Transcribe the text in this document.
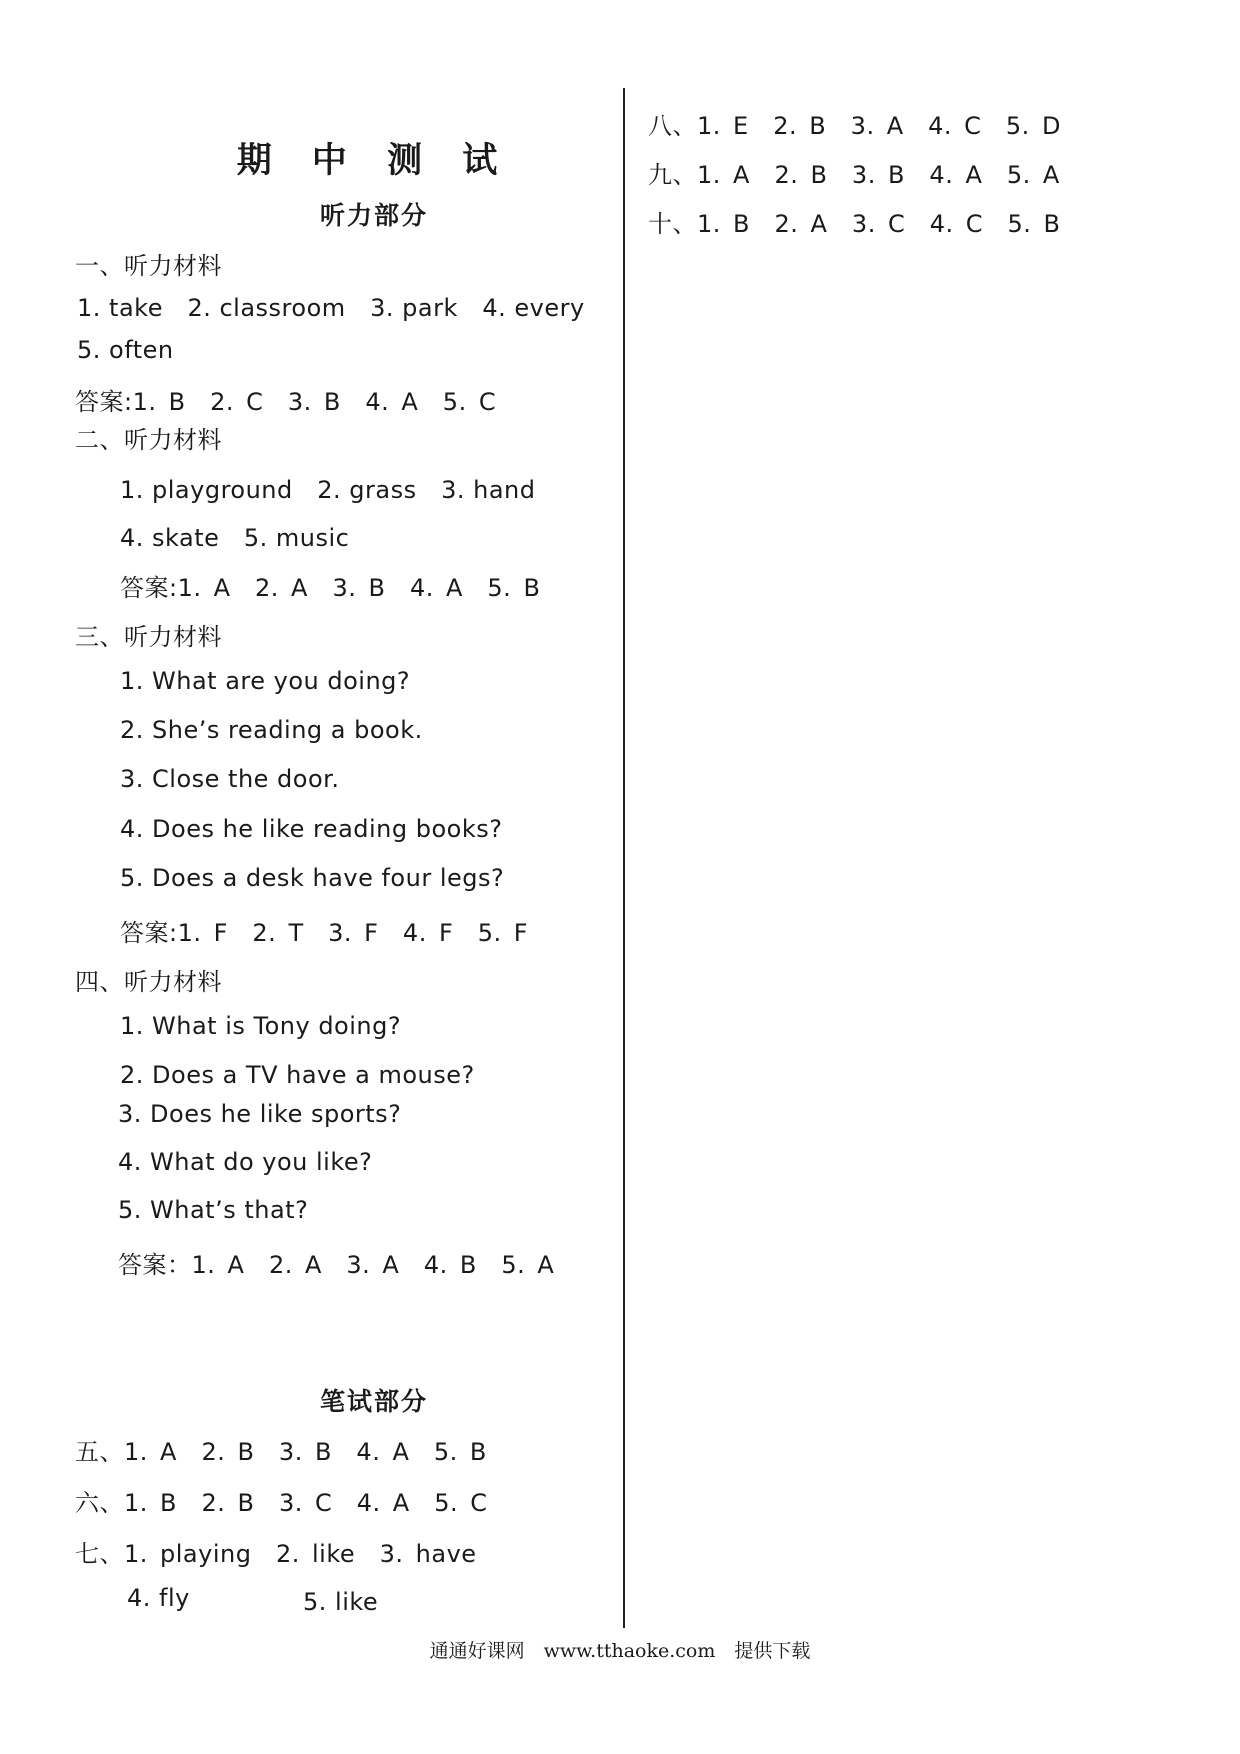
期 中 测 试
听力部分
一、听力材料
1. take　2. classroom　3. park　4. every
5. often
答案:1. B　2. C　3. B　4. A　5. C
二、听力材料
1. playground　2. grass　3. hand
4. skate　5. music
答案:1. A　2. A　3. B　4. A　5. B
三、听力材料
1. What are you doing?
2. She’s reading a book.
3. Close the door.
4. Does he like reading books?
5. Does a desk have four legs?
答案:1. F　2. T　3. F　4. F　5. F
四、听力材料
1. What is Tony doing?
2. Does a TV have a mouse?
3. Does he like sports?
4. What do you like?
5. What’s that?
答案：1. A　2. A　3. A　4. B　5. A
笔试部分
五、1. A　2. B　3. B　4. A　5. B
六、1. B　2. B　3. C　4. A　5. C
七、1. playing　2. like　3. have
4. fly	5. like
八、1. E　2. B　3. A　4. C　5. D
九、1. A　2. B　3. B　4. A　5. A
十、1. B　2. A　3. C　4. C　5. B
通通好课网　www.tthaoke.com　提供下载
